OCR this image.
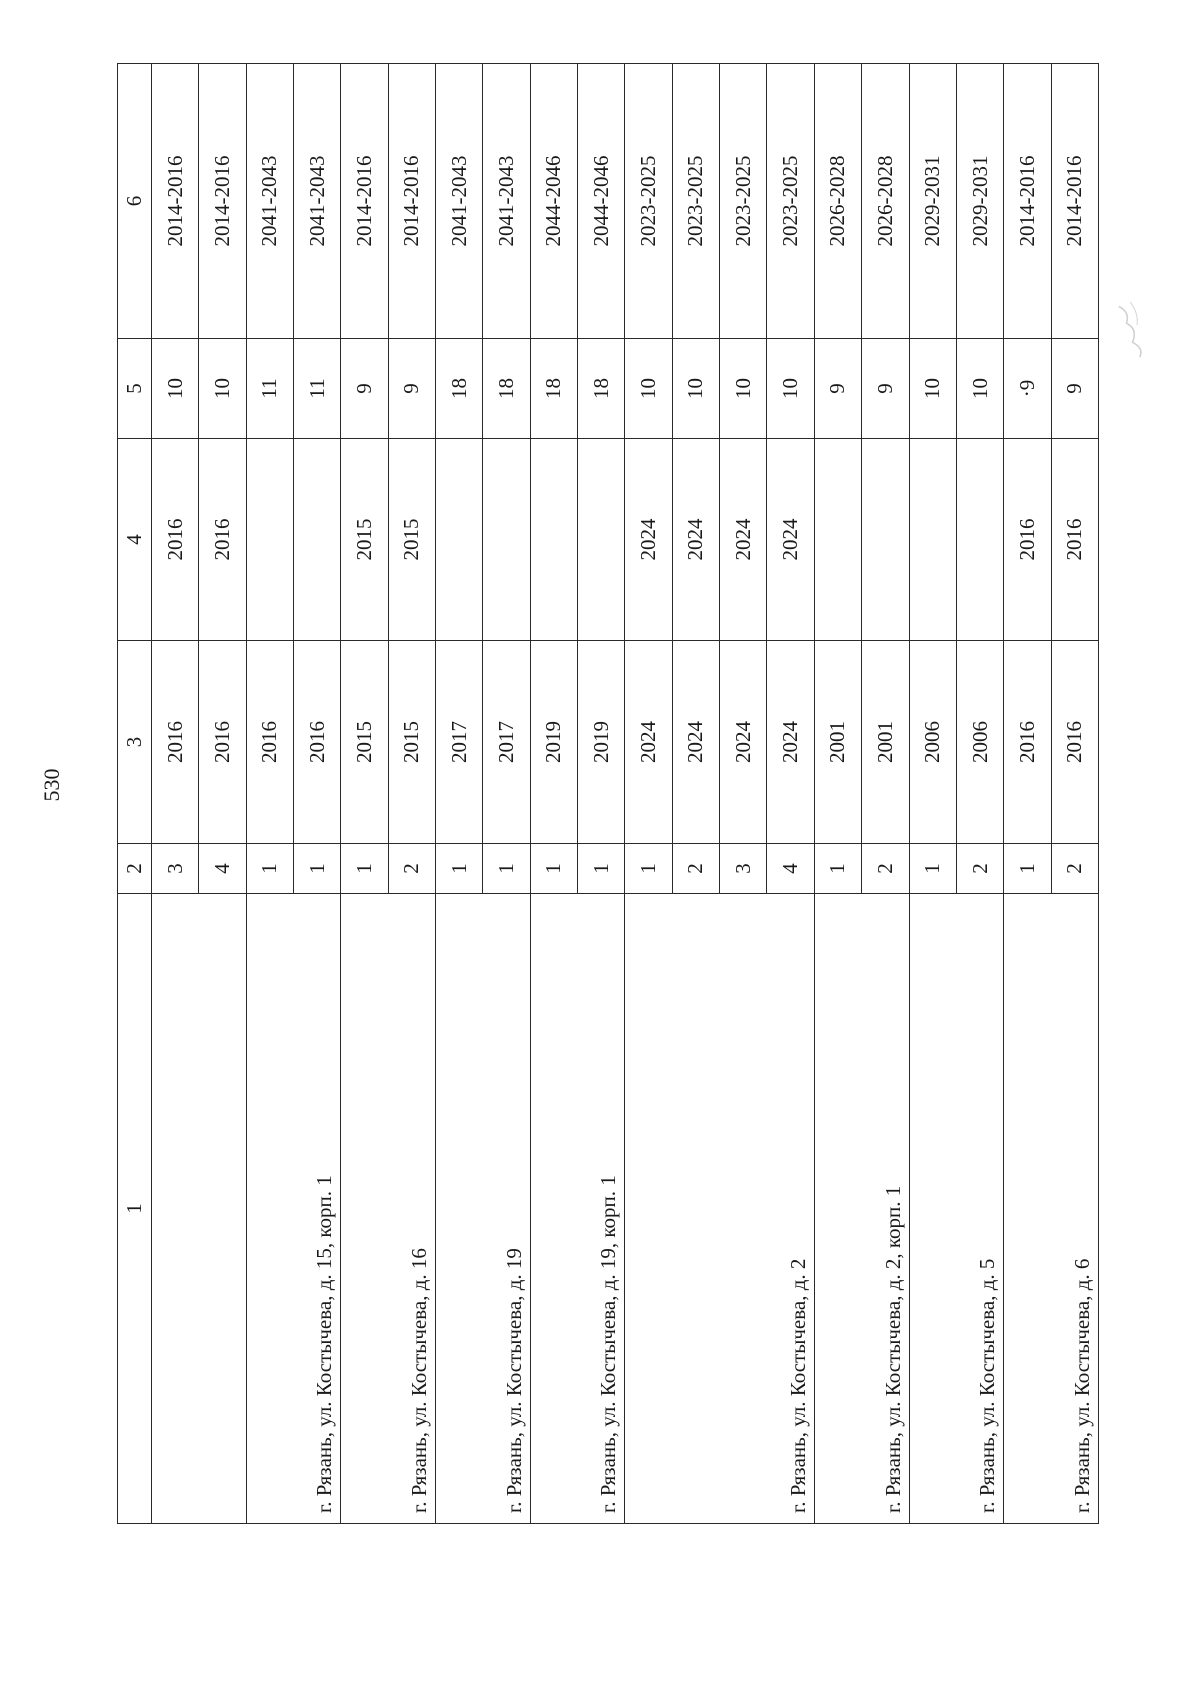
530
1	2	3	4	5	6
	3	2016	2016	10	2014-2016
	4	2016	2016	10	2014-2016
г. Рязань, ул. Костычева, д. 15, корп. 1	1	2016		11	2041-2043
	1	2016		11	2041-2043
г. Рязань, ул. Костычева, д. 16	1	2015	2015	9	2014-2016
	2	2015	2015	9	2014-2016
г. Рязань, ул. Костычева, д. 19	1	2017		18	2041-2043
	1	2017		18	2041-2043
г. Рязань, ул. Костычева, д. 19, корп. 1	1	2019		18	2044-2046
	1	2019		18	2044-2046
г. Рязань, ул. Костычева, д. 2	1	2024	2024	10	2023-2025
	2	2024	2024	10	2023-2025
	3	2024	2024	10	2023-2025
	4	2024	2024	10	2023-2025
г. Рязань, ул. Костычева, д. 2, корп. 1	1	2001		9	2026-2028
	2	2001		9	2026-2028
г. Рязань, ул. Костычева, д. 5	1	2006		10	2029-2031
	2	2006		10	2029-2031
г. Рязань, ул. Костычева, д. 6	1	2016	2016	·9	2014-2016
	2	2016	2016	9	2014-2016
